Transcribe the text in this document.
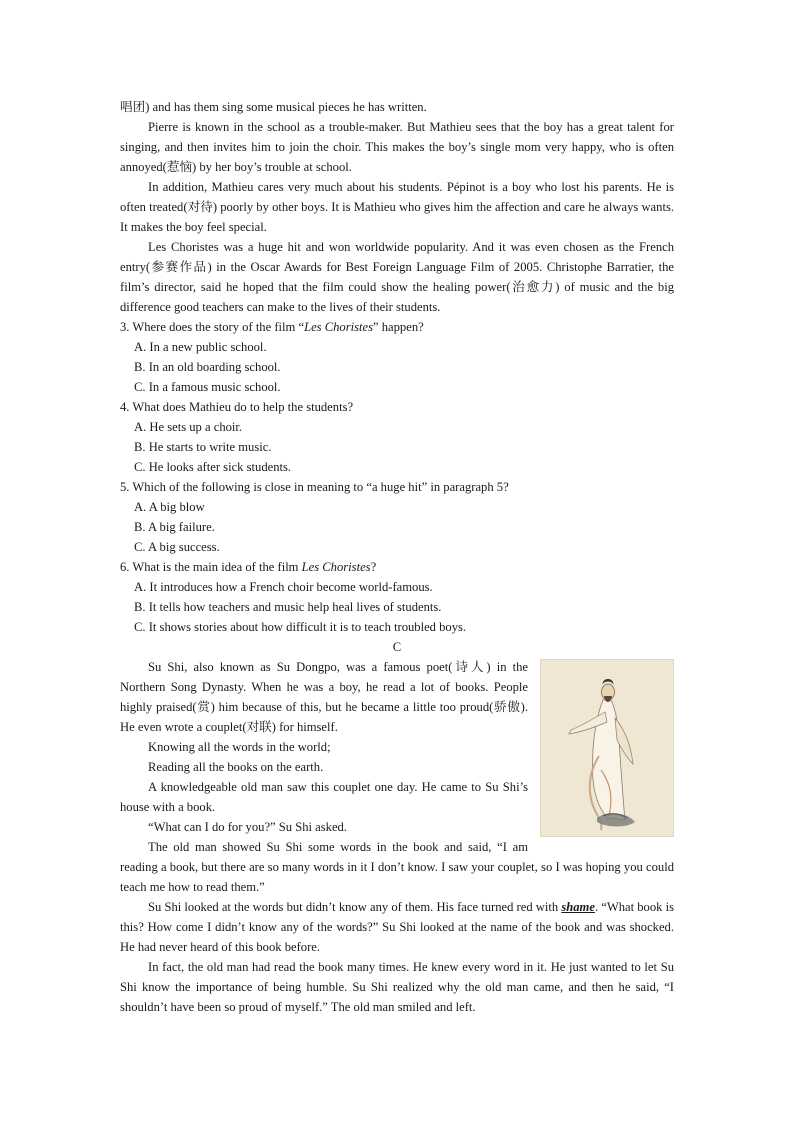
唱团) and has them sing some musical pieces he has written.

Pierre is known in the school as a trouble-maker. But Mathieu sees that the boy has a great talent for singing, and then invites him to join the choir. This makes the boy’s single mom very happy, who is often annoyed(惹恼) by her boy’s trouble at school.

In addition, Mathieu cares very much about his students. Pépinot is a boy who lost his parents. He is often treated(对待) poorly by other boys. It is Mathieu who gives him the affection and care he always wants. It makes the boy feel special.

Les Choristes was a huge hit and won worldwide popularity. And it was even chosen as the French entry(参赛作品) in the Oscar Awards for Best Foreign Language Film of 2005. Christophe Barratier, the film’s director, said he hoped that the film could show the healing power(治愈力) of music and the big difference good teachers can make to the lives of their students.

3. Where does the story of the film “Les Choristes” happen?

A. In a new public school.

B. In an old boarding school.

C. In a famous music school.

4. What does Mathieu do to help the students?

A. He sets up a choir.

B. He starts to write music.

C. He looks after sick students.

5. Which of the following is close in meaning to “a huge hit” in paragraph 5?

A. A big blow

B. A big failure.

C. A big success.

6. What is the main idea of the film Les Choristes?

A. It introduces how a French choir become world-famous.

B. It tells how teachers and music help heal lives of students.

C. It shows stories about how difficult it is to teach troubled boys.

C

Su Shi, also known as Su Dongpo, was a famous poet(诗人) in the Northern Song Dynasty. When he was a boy, he read a lot of books. People highly praised(赏) him because of this, but he became a little too proud(骄傲). He even wrote a couplet(对联) for himself.

Knowing all the words in the world;

Reading all the books on the earth.

A knowledgeable old man saw this couplet one day. He came to Su Shi’s house with a book.

“What can I do for you?” Su Shi asked.

The old man showed Su Shi some words in the book and said, “I am reading a book, but there are so many words in it I don’t know. I saw your couplet, so I was hoping you could teach me how to read them.”

Su Shi looked at the words but didn’t know any of them. His face turned red with shame. “What book is this? How come I didn’t know any of the words?” Su Shi looked at the name of the book and was shocked. He had never heard of this book before.

In fact, the old man had read the book many times. He knew every word in it. He just wanted to let Su Shi know the importance of being humble. Su Shi realized why the old man came, and then he said, “I shouldn’t have been so proud of myself.” The old man smiled and left.
